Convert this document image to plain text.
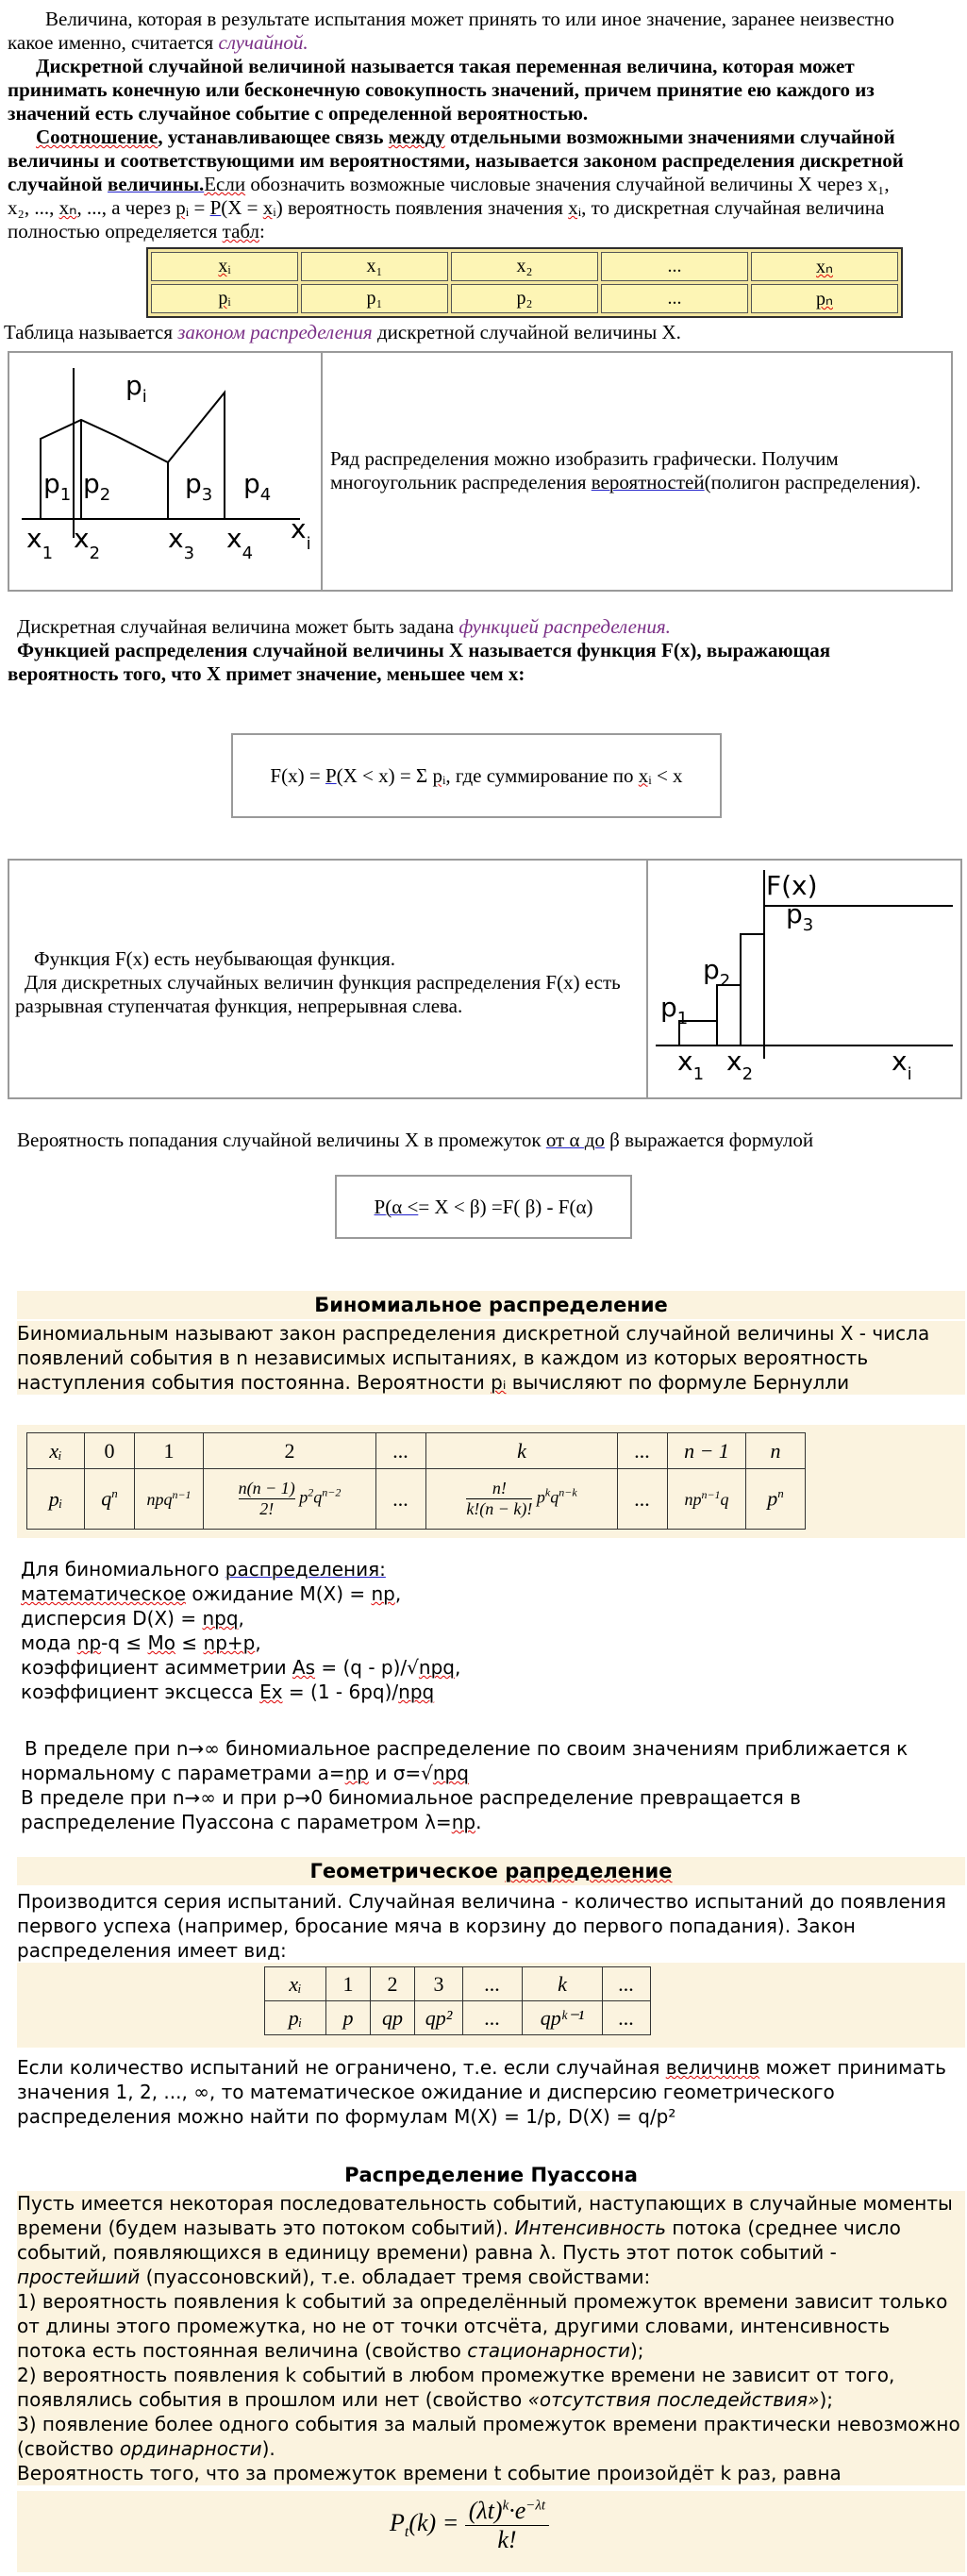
Величина, которая в результате испытания может принять то или иное значение, заранее неизвестно какое именно, считается случайной.
Дискретной случайной величиной называется такая переменная величина, которая может принимать конечную или бесконечную совокупность значений, причем принятие ею каждого из значений есть случайное событие с определенной вероятностью.
Соотношение, устанавливающее связь между отдельными возможными значениями случайной величины и соответствующими им вероятностями, называется законом распределения дискретной случайной величины.Если обозначить возможные числовые значения случайной величины X через x₁, x₂, ..., xₙ, ..., а через pᵢ = P(X = xᵢ) вероятность появления значения xᵢ, то дискретная случайная величина полностью определяется табл:
xᵢ	x₁	x₂	...	xₙ
pᵢ	p₁	p₂	...	pₙ
Таблица называется законом распределения дискретной случайной величины X.
$p_i$
$p_1$ $p_2$	$p_3$ $p_4$
$x_1$ $x_2$	$x_3$ $x_4$
$x_i$
Ряд распределения можно изобразить графически. Получим многоугольник распределения вероятностей(полигон распределения).
Дискретная случайная величина может быть задана функцией распределения.
Функцией распределения случайной величины X называется функция F(x), выражающая вероятность того, что X примет значение, меньшее чем x:
F(x) = P(X < x) = Σ pᵢ, где суммирование по xᵢ < x
Функция F(x) есть неубывающая функция.
Для дискретных случайных величин функция распределения F(x) есть разрывная ступенчатая функция, непрерывная слева.
F(x)
$p_1$
$p_2$
$p_3$
$x_1$ $x_2$	$x_i$
Вероятность попадания случайной величины X в промежуток от α до β выражается формулой
P(α <= X < β) =F( β) - F(α)
Биномиальное распределение
Биномиальным называют закон распределения дискретной случайной величины X - числа появлений события в n независимых испытаниях, в каждом из которых вероятность наступления события постоянна. Вероятности pᵢ вычисляют по формуле Бернулли
xᵢ	0	1	2	...	k	...	n − 1	n
pᵢ	$q^n$	npq$^{n-1}$	$\frac{n(n - 1)}{2!} p^2q^{n-2}$	...	$\frac{n!}{k!(n - k)!} p^kq^{n-k}$	...	$np^{n-1}q$	$p^n$
Для биномиального распределения:
математическое ожидание M(X) = np,
дисперсия D(X) = npq,
мода np-q ≤ Mo ≤ np+p,
коэффициент асимметрии As = (q - p)/√npq,
коэффициент эксцесса Ex = (1 - 6pq)/npq
В пределе при n→∞ биномиальное распределение по своим значениям приближается к нормальному с параметрами a=np и σ=√npq
В пределе при n→∞ и при p→0 биномиальное распределение превращается в распределение Пуассона с параметром λ=np.
Геометрическое рапределение
Производится серия испытаний. Случайная величина - количество испытаний до появления первого успеха (например, бросание мяча в корзину до первого попадания). Закон распределения имеет вид:
xᵢ	1	2	3	...	k	...
pᵢ	p	qp	qp²	...	qpᵏ⁻¹	...
Если количество испытаний не ограничено, т.е. если случайная величинв может принимать значения 1, 2, ..., ∞, то математическое ожидание и дисперсию геометрического распределения можно найти по формулам M(X) = 1/p, D(X) = q/p²
Распределение Пуассона
Пусть имеется некоторая последовательность событий, наступающих в случайные моменты времени (будем называть это потоком событий). Интенсивность потока (среднее число событий, появляющихся в единицу времени) равна λ. Пусть этот поток событий - простейший (пуассоновский), т.е. обладает тремя свойствами:
1) вероятность появления k событий за определённый промежуток времени зависит только от длины этого промежутка, но не от точки отсчёта, другими словами, интенсивность потока есть постоянная величина (свойство стационарности);
2) вероятность появления k событий в любом промежутке времени не зависит от того, появлялись события в прошлом или нет (свойство «отсутствия последействия»);
3) появление более одного события за малый промежуток времени практически невозможно (свойство ординарности).
Вероятность того, что за промежуток времени t событие произойдёт k раз, равна
$P_t(k) = \frac{(\lambda t)^k\cdot e^{-\lambda t}}{k!}$
